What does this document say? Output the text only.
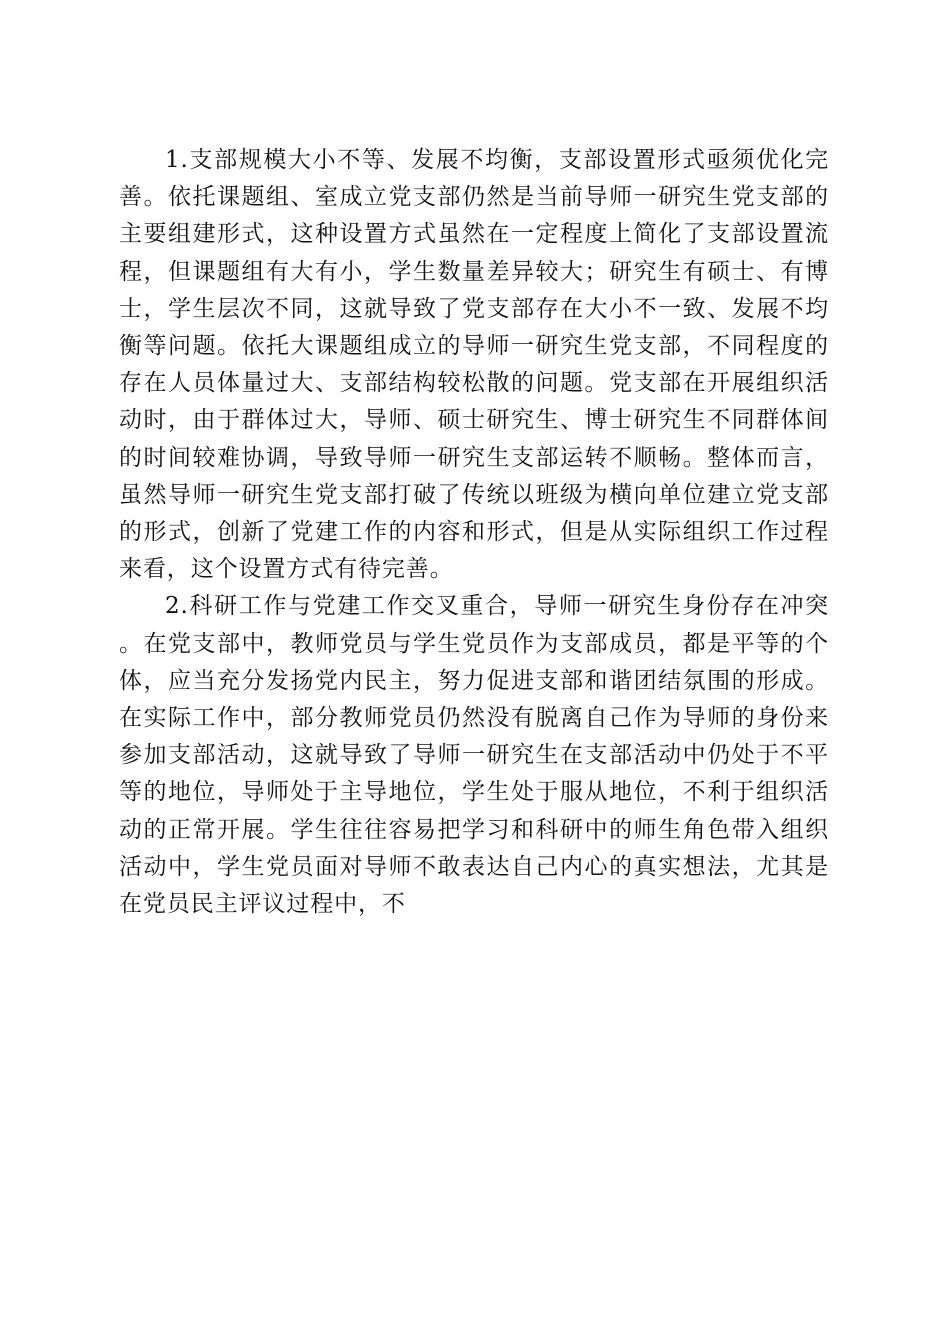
1.支部规模大小不等、发展不均衡，支部设置形式亟须优化完善。依托课题组、室成立党支部仍然是当前导师一研究生党支部的主要组建形式，这种设置方式虽然在一定程度上简化了支部设置流程，但课题组有大有小，学生数量差异较大；研究生有硕士、有博士，学生层次不同，这就导致了党支部存在大小不一致、发展不均衡等问题。依托大课题组成立的导师一研究生党支部，不同程度的存在人员体量过大、支部结构较松散的问题。党支部在开展组织活动时，由于群体过大，导师、硕士研究生、博士研究生不同群体间的时间较难协调，导致导师一研究生支部运转不顺畅。整体而言，虽然导师一研究生党支部打破了传统以班级为横向单位建立党支部的形式，创新了党建工作的内容和形式，但是从实际组织工作过程来看，这个设置方式有待完善。

2.科研工作与党建工作交叉重合，导师一研究生身份存在冲突。在党支部中，教师党员与学生党员作为支部成员，都是平等的个体，应当充分发扬党内民主，努力促进支部和谐团结氛围的形成。在实际工作中，部分教师党员仍然没有脱离自己作为导师的身份来参加支部活动，这就导致了导师一研究生在支部活动中仍处于不平等的地位，导师处于主导地位，学生处于服从地位，不利于组织活动的正常开展。学生往往容易把学习和科研中的师生角色带入组织活动中，学生党员面对导师不敢表达自己内心的真实想法，尤其是在党员民主评议过程中，不
